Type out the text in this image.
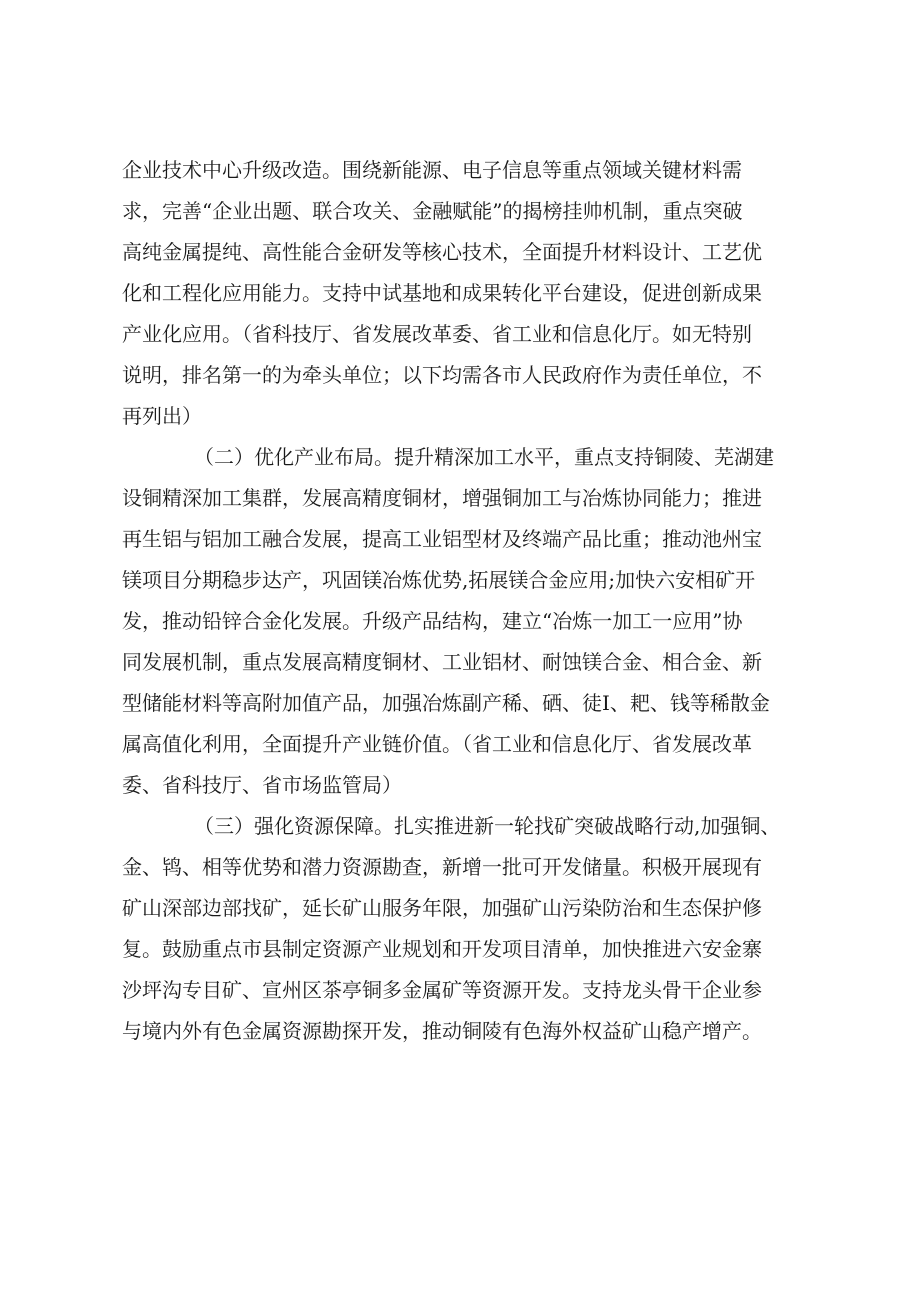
企业技术中心升级改造。围绕新能源、电子信息等重点领域关键材料需
求，完善“企业出题、联合攻关、金融赋能”的揭榜挂帅机制，重点突破
高纯金属提纯、高性能合金研发等核心技术，全面提升材料设计、工艺优
化和工程化应用能力。支持中试基地和成果转化平台建设，促进创新成果
产业化应用。（省科技厅、省发展改革委、省工业和信息化厅。如无特别
说明，排名第一的为牵头单位；以下均需各市人民政府作为责任单位，不
再列出）
（二）优化产业布局。提升精深加工水平，重点支持铜陵、芜湖建
设铜精深加工集群，发展高精度铜材，增强铜加工与冶炼协同能力；推进
再生铝与铝加工融合发展，提高工业铝型材及终端产品比重；推动池州宝
镁项目分期稳步达产，巩固镁冶炼优势,拓展镁合金应用;加快六安相矿开
发，推动铅锌合金化发展。升级产品结构，建立“冶炼一加工一应用”协
同发展机制，重点发展高精度铜材、工业铝材、耐蚀镁合金、相合金、新
型储能材料等高附加值产品，加强冶炼副产稀、硒、徒I、耙、钱等稀散金
属高值化利用，全面提升产业链价值。（省工业和信息化厅、省发展改革
委、省科技厅、省市场监管局）
（三）强化资源保障。扎实推进新一轮找矿突破战略行动,加强铜、
金、鸨、相等优势和潜力资源勘查，新增一批可开发储量。积极开展现有
矿山深部边部找矿，延长矿山服务年限，加强矿山污染防治和生态保护修
复。鼓励重点市县制定资源产业规划和开发项目清单，加快推进六安金寨
沙坪沟专目矿、宣州区茶亭铜多金属矿等资源开发。支持龙头骨干企业参
与境内外有色金属资源勘探开发，推动铜陵有色海外权益矿山稳产增产。
